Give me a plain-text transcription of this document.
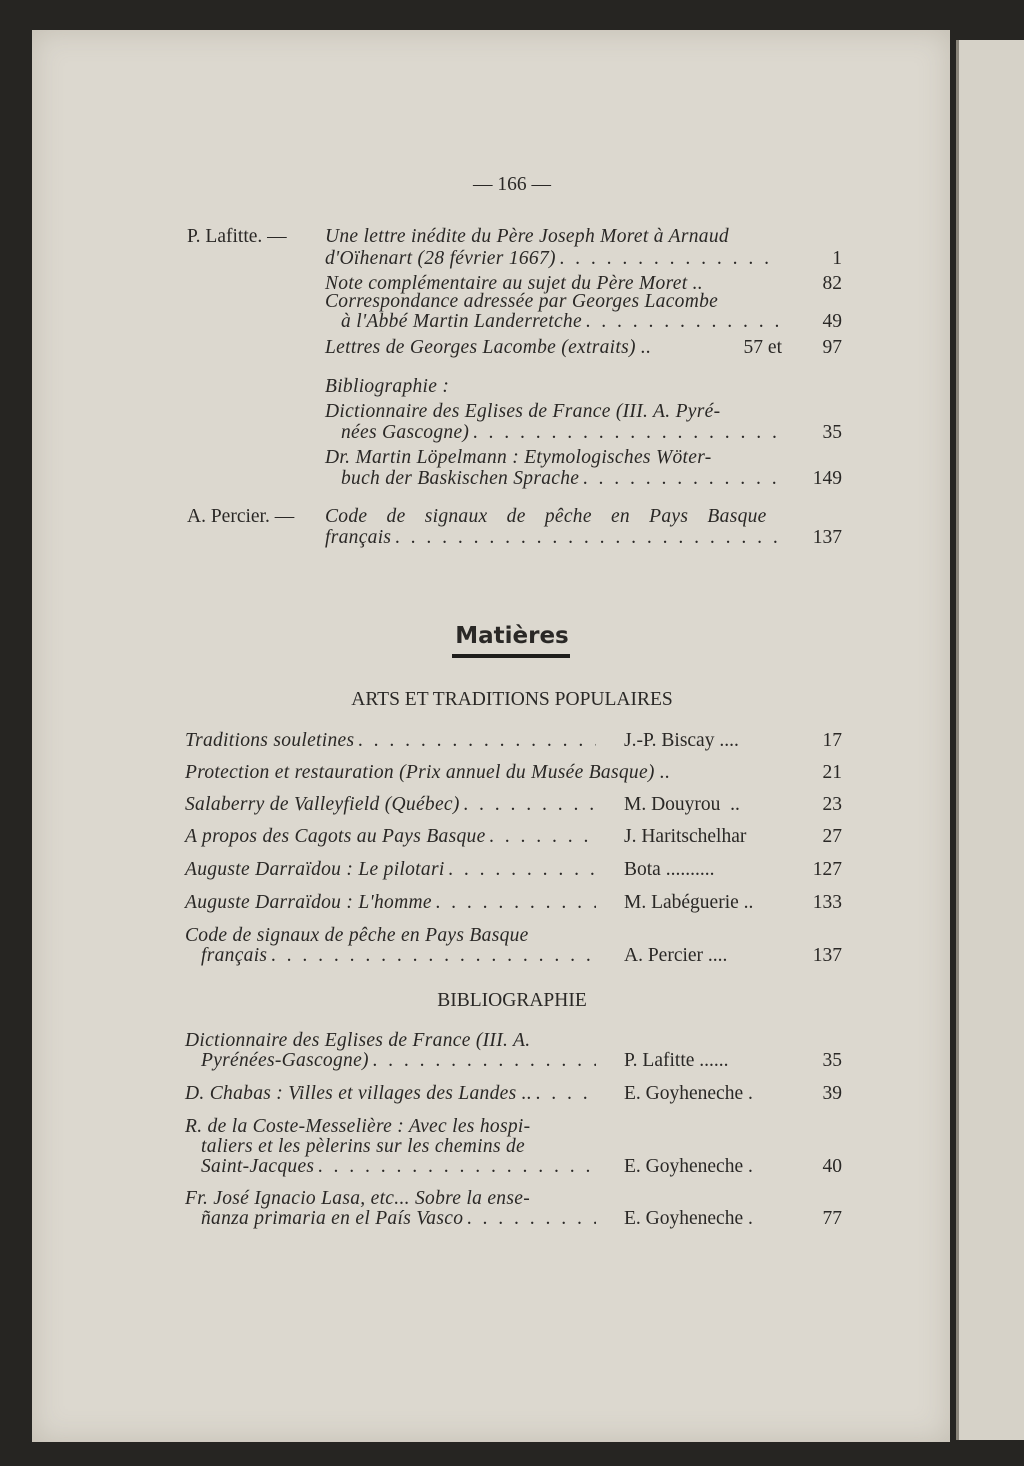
— 166 —
P. Lafitte. — Une lettre inédite du Père Joseph Moret à Arnaud
d'Oïhenart (28 février 1667) . . .	1
Note complémentaire au sujet du Père Moret ..	82
Correspondance adressée par Georges Lacombe
à l'Abbé Martin Landerretche . . .	49
Lettres de Georges Lacombe (extraits) ..	57 et	97
Bibliographie :
Dictionnaire des Eglises de France (III. A. Pyré-
nées Gascogne) . . .	35
Dr. Martin Löpelmann : Etymologisches Wöter-
buch der Baskischen Sprache . . .	149
A. Percier. — Code de signaux de pêche en Pays Basque
français . . .	137
Matières
ARTS ET TRADITIONS POPULAIRES
Traditions souletines . . .	J.-P. Biscay ....	17
Protection et restauration (Prix annuel du Musée Basque) ..	21
Salaberry de Valleyfield (Québec) . . .	M. Douyrou  ..	23
A propos des Cagots au Pays Basque . . .	J. Haritschelhar	27
Auguste Darraïdou : Le pilotari . . .	Bota ..........	127
Auguste Darraïdou : L'homme . . .	M. Labéguerie ..	133
Code de signaux de pêche en Pays Basque
français . . .	A. Percier ....	137
BIBLIOGRAPHIE
Dictionnaire des Eglises de France (III. A.
Pyrénées-Gascogne) . . .	P. Lafitte ......	35
D. Chabas : Villes et villages des Landes .. . . .	E. Goyheneche .	39
R. de la Coste-Messelière : Avec les hospi-
taliers et les pèlerins sur les chemins de
Saint-Jacques . . .	E. Goyheneche .	40
Fr. José Ignacio Lasa, etc... Sobre la ense-
ñanza primaria en el País Vasco . . .	E. Goyheneche .	77
